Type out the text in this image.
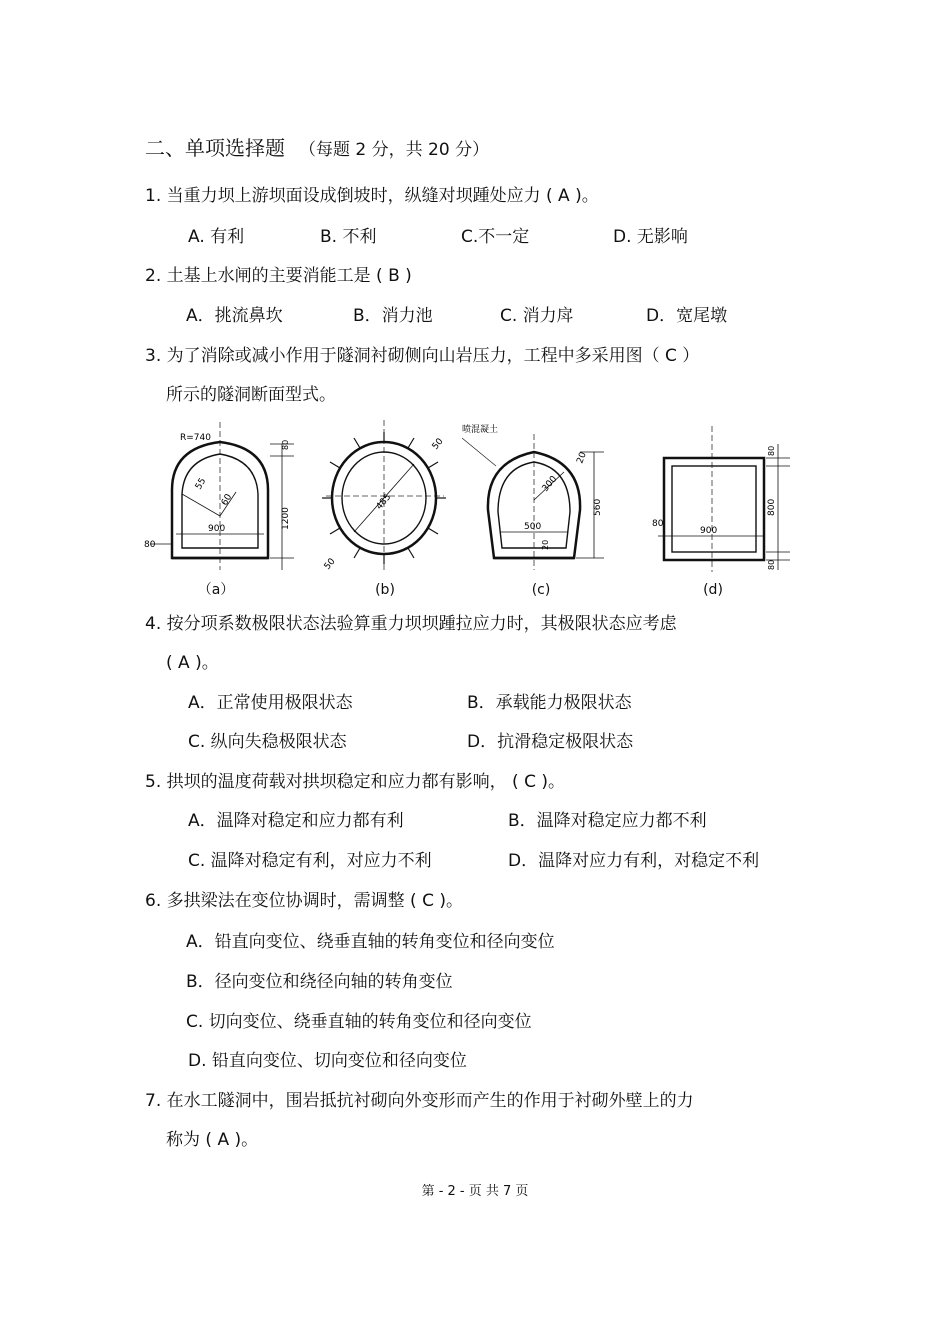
二、单项选择题 （每题 2 分，共 20 分）
1. 当重力坝上游坝面设成倒坡时，纵缝对坝踵处应力 ( A )。
A. 有利	B. 不利	C.不一定	D. 无影响
2. 土基上水闸的主要消能工是 ( B )
A．挑流鼻坎	B．消力池	C. 消力戽	D．宽尾墩
3. 为了消除或减小作用于隧洞衬砌侧向山岩压力，工程中多采用图（ C ）
所示的隧洞断面型式。
R=740
55
60
80
1200
900
80
（a）
50
485
50
(b)
喷混凝土
300
20
560
500
20
(c)
80
800
80
900
80
(d)
4. 按分项系数极限状态法验算重力坝坝踵拉应力时，其极限状态应考虑
( A )。
A．正常使用极限状态	B．承载能力极限状态
C. 纵向失稳极限状态	D．抗滑稳定极限状态
5. 拱坝的温度荷载对拱坝稳定和应力都有影响， ( C )。
A．温降对稳定和应力都有利	B．温降对稳定应力都不利
C. 温降对稳定有利，对应力不利	D．温降对应力有利，对稳定不利
6. 多拱梁法在变位协调时，需调整 ( C )。
A．铅直向变位、绕垂直轴的转角变位和径向变位
B．径向变位和绕径向轴的转角变位
C. 切向变位、绕垂直轴的转角变位和径向变位
D. 铅直向变位、切向变位和径向变位
7. 在水工隧洞中，围岩抵抗衬砌向外变形而产生的作用于衬砌外壁上的力
称为 ( A )。
第 - 2 - 页 共 7 页
